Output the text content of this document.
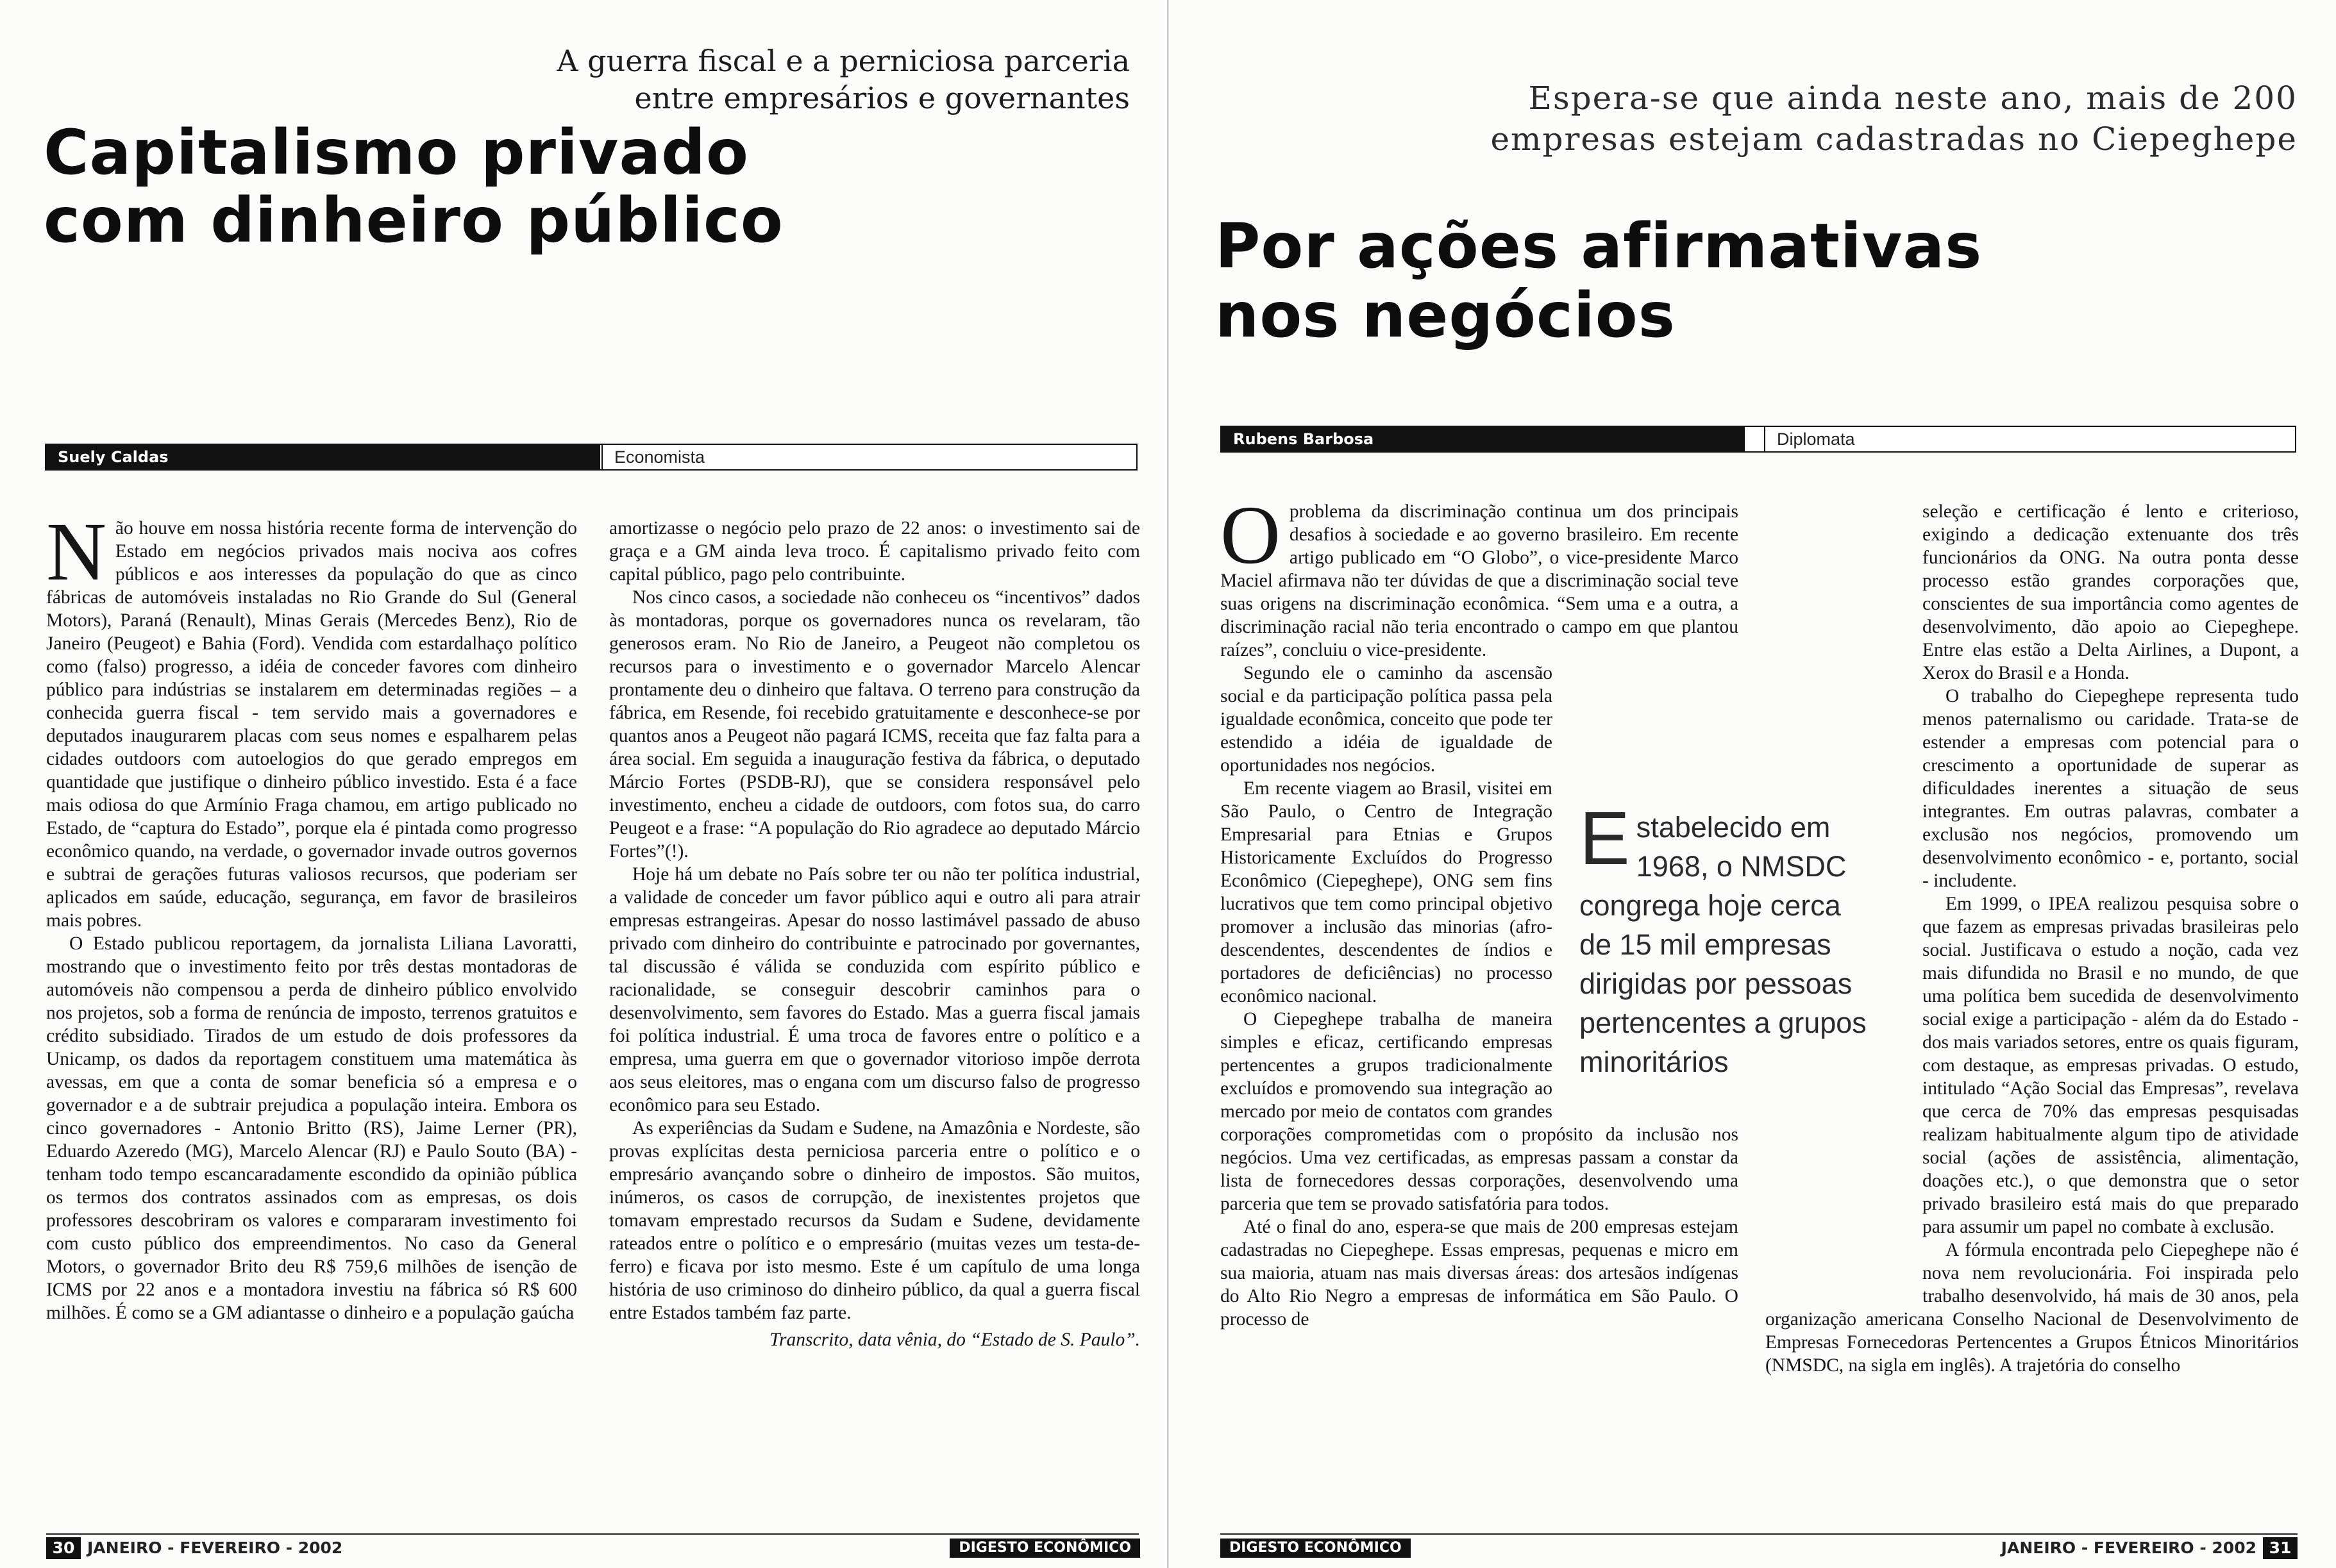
A guerra fiscal e a perniciosa parceria
entre empresários e governantes
Capitalismo privado
com dinheiro público
Suely Caldas	Economista

Não houve em nossa história recente forma de intervenção do Estado em negócios privados mais nociva aos cofres públicos e aos interesses da população do que as cinco fábricas de automóveis instaladas no Rio Grande do Sul (General Motors), Paraná (Renault), Minas Gerais (Mercedes Benz), Rio de Janeiro (Peugeot) e Bahia (Ford). Vendida com estardalhaço político como (falso) progresso, a idéia de conceder favores com dinheiro público para indústrias se instalarem em determinadas regiões – a conhecida guerra fiscal - tem servido mais a governadores e deputados inaugurarem placas com seus nomes e espalharem pelas cidades outdoors com autoelogios do que gerado empregos em quantidade que justifique o dinheiro público investido. Esta é a face mais odiosa do que Armínio Fraga chamou, em artigo publicado no Estado, de “captura do Estado”, porque ela é pintada como progresso econômico quando, na verdade, o governador invade outros governos e subtrai de gerações futuras valiosos recursos, que poderiam ser aplicados em saúde, educação, segurança, em favor de brasileiros mais pobres.

O Estado publicou reportagem, da jornalista Liliana Lavoratti, mostrando que o investimento feito por três destas montadoras de automóveis não compensou a perda de dinheiro público envolvido nos projetos, sob a forma de renúncia de imposto, terrenos gratuitos e crédito subsidiado. Tirados de um estudo de dois professores da Unicamp, os dados da reportagem constituem uma matemática às avessas, em que a conta de somar beneficia só a empresa e o governador e a de subtrair prejudica a população inteira. Embora os cinco governadores - Antonio Britto (RS), Jaime Lerner (PR), Eduardo Azeredo (MG), Marcelo Alencar (RJ) e Paulo Souto (BA) - tenham todo tempo escancaradamente escondido da opinião pública os termos dos contratos assinados com as empresas, os dois professores descobriram os valores e compararam investimento foi com custo público dos empreendimentos. No caso da General Motors, o governador Brito deu R$ 759,6 milhões de isenção de ICMS por 22 anos e a montadora investiu na fábrica só R$ 600 milhões. É como se a GM adiantasse o dinheiro e a população gaúcha

amortizasse o negócio pelo prazo de 22 anos: o investimento sai de graça e a GM ainda leva troco. É capitalismo privado feito com capital público, pago pelo contribuinte.

Nos cinco casos, a sociedade não conheceu os “incentivos” dados às montadoras, porque os governadores nunca os revelaram, tão generosos eram. No Rio de Janeiro, a Peugeot não completou os recursos para o investimento e o governador Marcelo Alencar prontamente deu o dinheiro que faltava. O terreno para construção da fábrica, em Resende, foi recebido gratuitamente e desconhece-se por quantos anos a Peugeot não pagará ICMS, receita que faz falta para a área social. Em seguida a inauguração festiva da fábrica, o deputado Márcio Fortes (PSDB-RJ), que se considera responsável pelo investimento, encheu a cidade de outdoors, com fotos sua, do carro Peugeot e a frase: “A população do Rio agradece ao deputado Márcio Fortes”(!).

Hoje há um debate no País sobre ter ou não ter política industrial, a validade de conceder um favor público aqui e outro ali para atrair empresas estrangeiras. Apesar do nosso lastimável passado de abuso privado com dinheiro do contribuinte e patrocinado por governantes, tal discussão é válida se conduzida com espírito público e racionalidade, se conseguir descobrir caminhos para o desenvolvimento, sem favores do Estado. Mas a guerra fiscal jamais foi política industrial. É uma troca de favores entre o político e a empresa, uma guerra em que o governador vitorioso impõe derrota aos seus eleitores, mas o engana com um discurso falso de progresso econômico para seu Estado.

As experiências da Sudam e Sudene, na Amazônia e Nordeste, são provas explícitas desta perniciosa parceria entre o político e o empresário avançando sobre o dinheiro de impostos. São muitos, inúmeros, os casos de corrupção, de inexistentes projetos que tomavam emprestado recursos da Sudam e Sudene, devidamente rateados entre o político e o empresário (muitas vezes um testa-de-ferro) e ficava por isto mesmo. Este é um capítulo de uma longa história de uso criminoso do dinheiro público, da qual a guerra fiscal entre Estados também faz parte.

Transcrito, data vênia, do “Estado de S. Paulo”.

30 JANEIRO - FEVEREIRO - 2002	DIGESTO ECONÔMICO
Espera-se que ainda neste ano, mais de 200
empresas estejam cadastradas no Ciepeghepe
Por ações afirmativas
nos negócios
Rubens Barbosa	Diplomata

Oproblema da discriminação continua um dos principais desafios à sociedade e ao governo brasileiro. Em recente artigo publicado em “O Globo”, o vice-presidente Marco Maciel afirmava não ter dúvidas de que a discriminação social teve suas origens na discriminação econômica. “Sem uma e a outra, a discriminação racial não teria encontrado o campo em que plantou raízes”, concluiu o vice-presidente.

Segundo ele o caminho da ascensão social e da participação política passa pela igualdade econômica, conceito que pode ter estendido a idéia de igualdade de oportunidades nos negócios.

Em recente viagem ao Brasil, visitei em São Paulo, o Centro de Integração Empresarial para Etnias e Grupos Historicamente Excluídos do Progresso Econômico (Ciepeghepe), ONG sem fins lucrativos que tem como principal objetivo promover a inclusão das minorias (afro-descendentes, descendentes de índios e portadores de deficiências) no processo econômico nacional.

O Ciepeghepe trabalha de maneira simples e eficaz, certificando empresas pertencentes a grupos tradicionalmente excluídos e promovendo sua integração ao mercado por meio de contatos com grandes corporações comprometidas com o propósito da inclusão nos negócios. Uma vez certificadas, as empresas passam a constar da lista de fornecedores dessas corporações, desenvolvendo uma parceria que tem se provado satisfatória para todos.

Até o final do ano, espera-se que mais de 200 empresas estejam cadastradas no Ciepeghepe. Essas empresas, pequenas e micro em sua maioria, atuam nas mais diversas áreas: dos artesãos indígenas do Alto Rio Negro a empresas de informática em São Paulo. O processo de

Estabelecido em 1968, o NMSDC congrega hoje cerca de 15 mil empresas dirigidas por pessoas pertencentes a grupos minoritários

seleção e certificação é lento e criterioso, exigindo a dedicação extenuante dos três funcionários da ONG. Na outra ponta desse processo estão grandes corporações que, conscientes de sua importância como agentes de desenvolvimento, dão apoio ao Ciepeghepe. Entre elas estão a Delta Airlines, a Dupont, a Xerox do Brasil e a Honda.

O trabalho do Ciepeghepe representa tudo menos paternalismo ou caridade. Trata-se de estender a empresas com potencial para o crescimento a oportunidade de superar as dificuldades inerentes a situação de seus integrantes. Em outras palavras, combater a exclusão nos negócios, promovendo um desenvolvimento econômico - e, portanto, social - includente.

Em 1999, o IPEA realizou pesquisa sobre o que fazem as empresas privadas brasileiras pelo social. Justificava o estudo a noção, cada vez mais difundida no Brasil e no mundo, de que uma política bem sucedida de desenvolvimento social exige a participação - além da do Estado - dos mais variados setores, entre os quais figuram, com destaque, as empresas privadas. O estudo, intitulado “Ação Social das Empresas”, revelava que cerca de 70% das empresas pesquisadas realizam habitualmente algum tipo de atividade social (ações de assistência, alimentação, doações etc.), o que demonstra que o setor privado brasileiro está mais do que preparado para assumir um papel no combate à exclusão.

A fórmula encontrada pelo Ciepeghepe não é nova nem revolucionária. Foi inspirada pelo trabalho desenvolvido, há mais de 30 anos, pela organização americana Conselho Nacional de Desenvolvimento de Empresas Fornecedoras Pertencentes a Grupos Étnicos Minoritários (NMSDC, na sigla em inglês). A trajetória do conselho

DIGESTO ECONÔMICO	JANEIRO - FEVEREIRO - 2002 31
